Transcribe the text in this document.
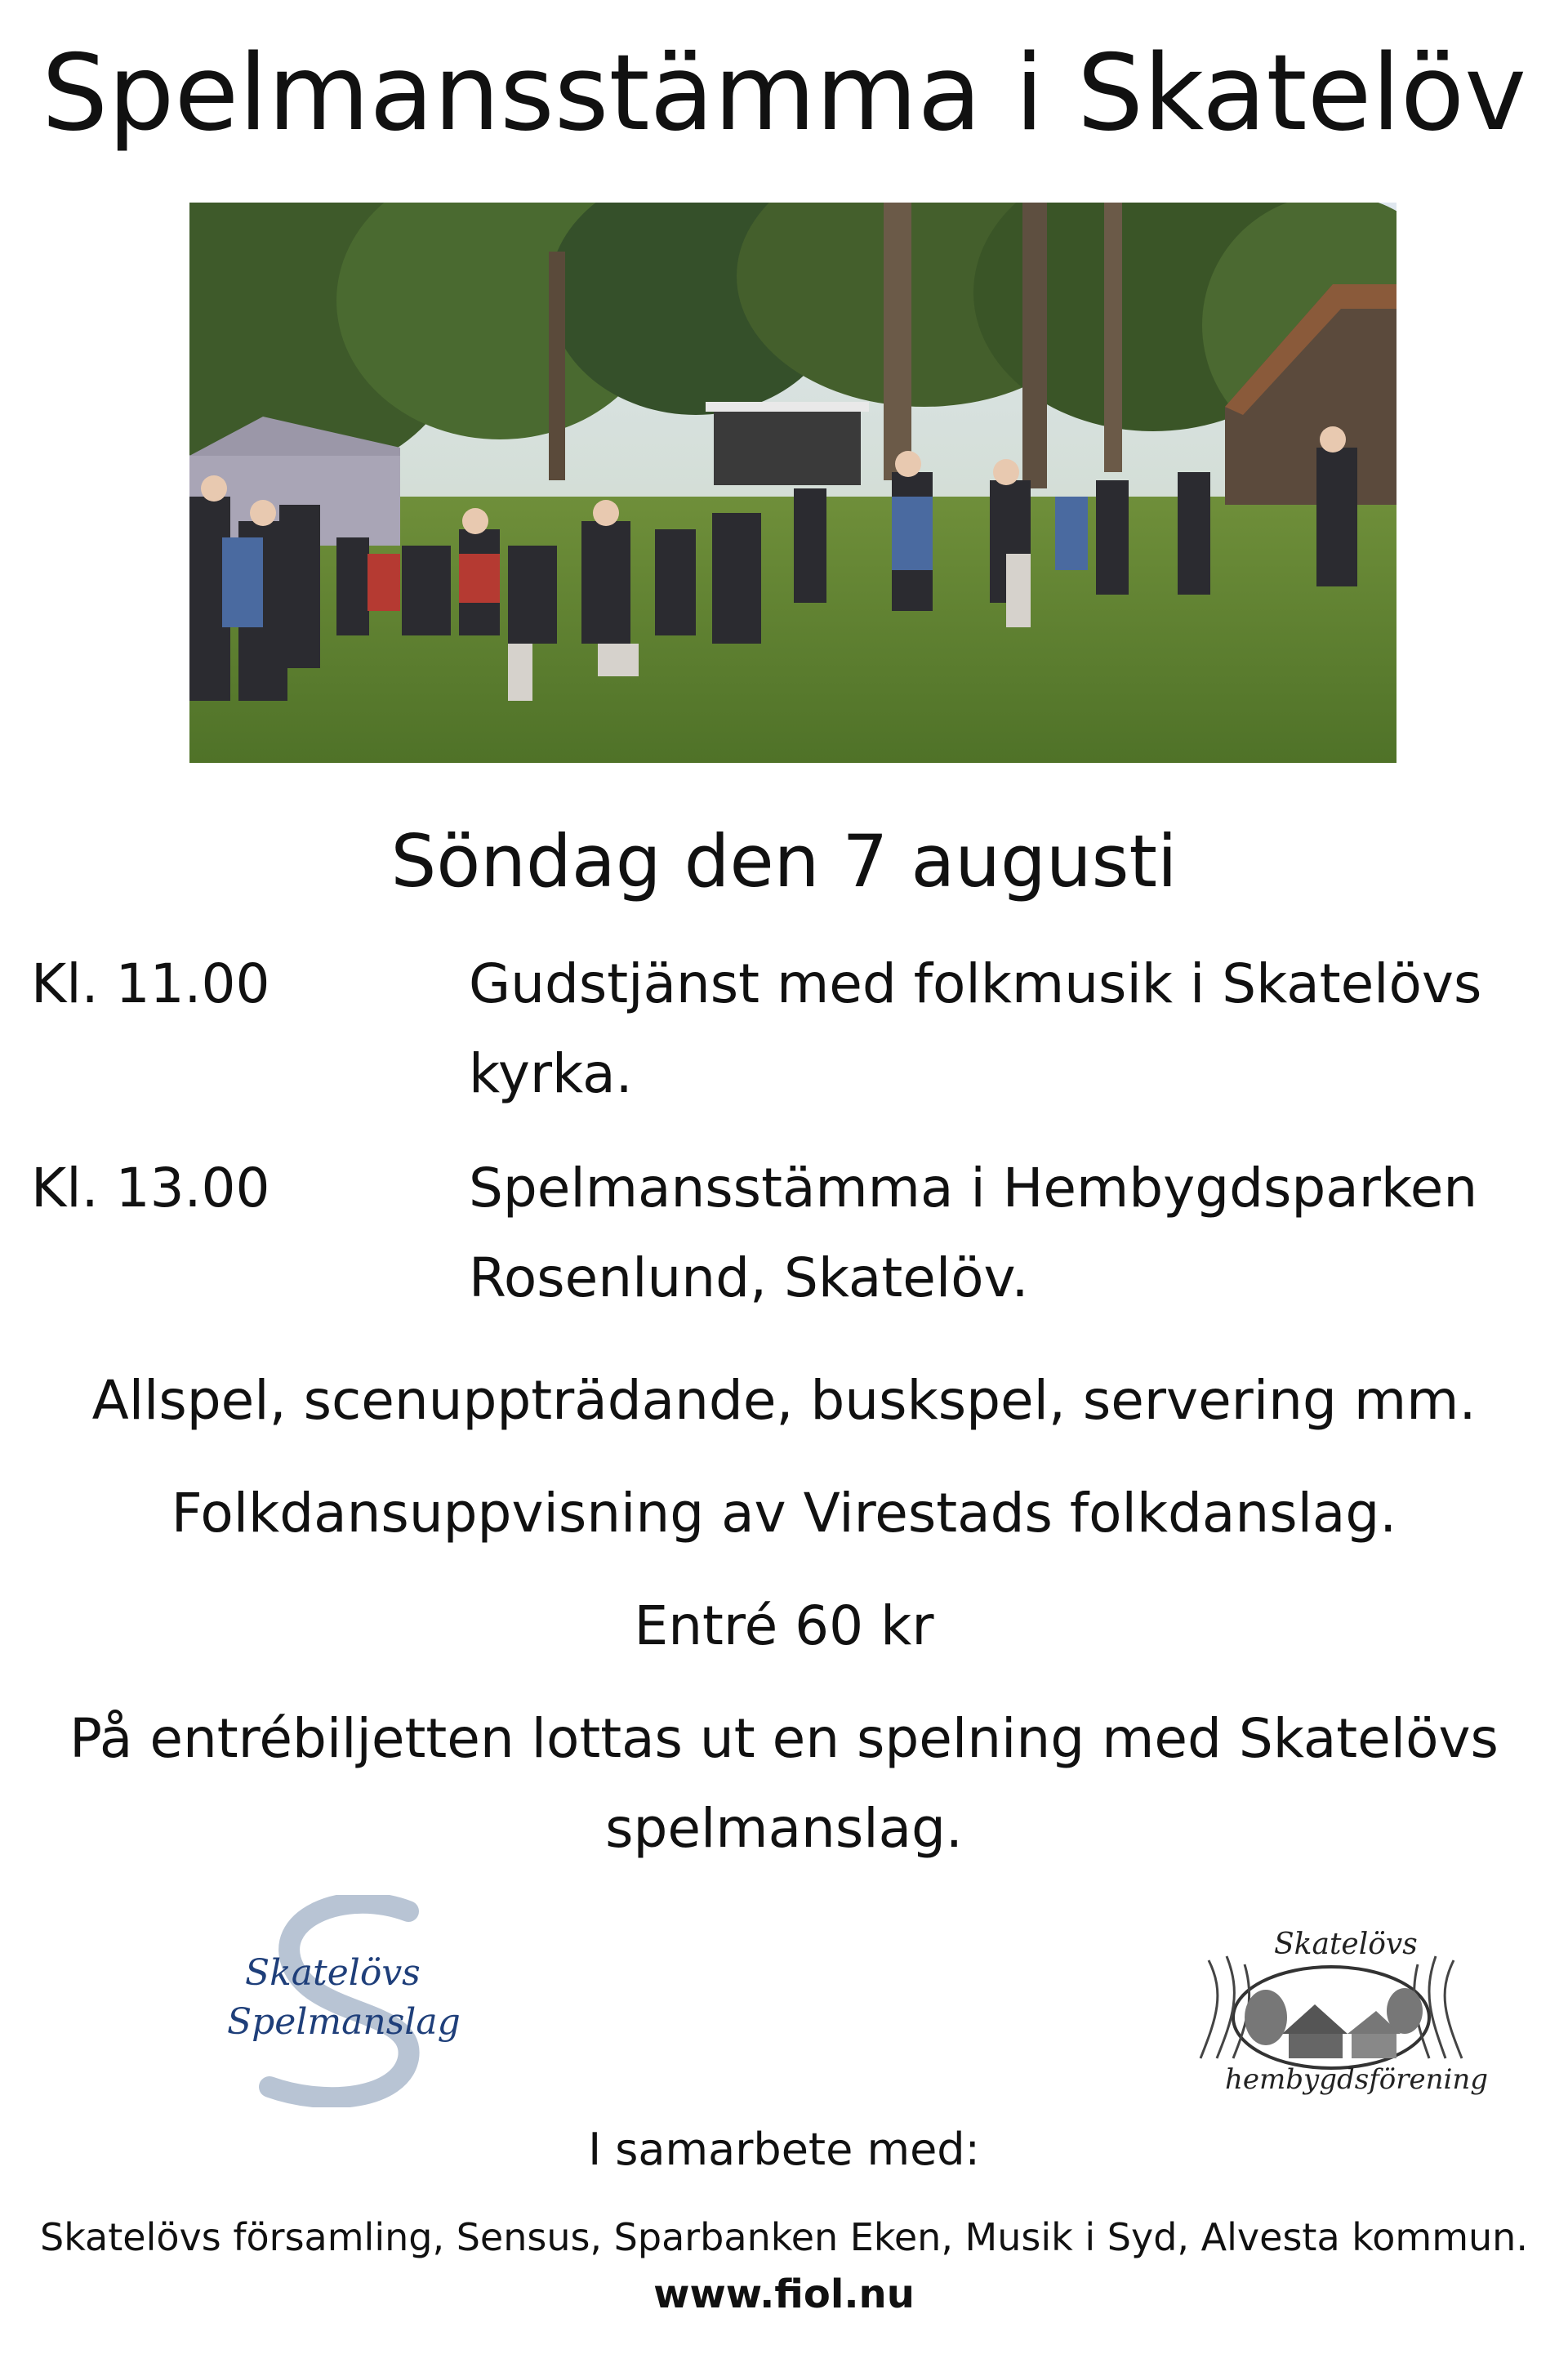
Spelmansstämma i Skatelöv
Söndag den 7 augusti
Kl. 11.00	Gudstjänst med folkmusik i Skatelövs kyrka.
Kl. 13.00	Spelmansstämma i Hembygdsparken Rosenlund, Skatelöv.
Allspel, scenuppträdande, buskspel, servering mm.
Folkdansuppvisning av Virestads folkdanslag.
Entré 60 kr
På entrébiljetten lottas ut en spelning med Skatelövs spelmanslag.
Skatelövs
Spelmanslag
Skatelövs
hembygdsförening
I samarbete med:
Skatelövs församling, Sensus, Sparbanken Eken, Musik i Syd, Alvesta kommun.
www.fiol.nu
